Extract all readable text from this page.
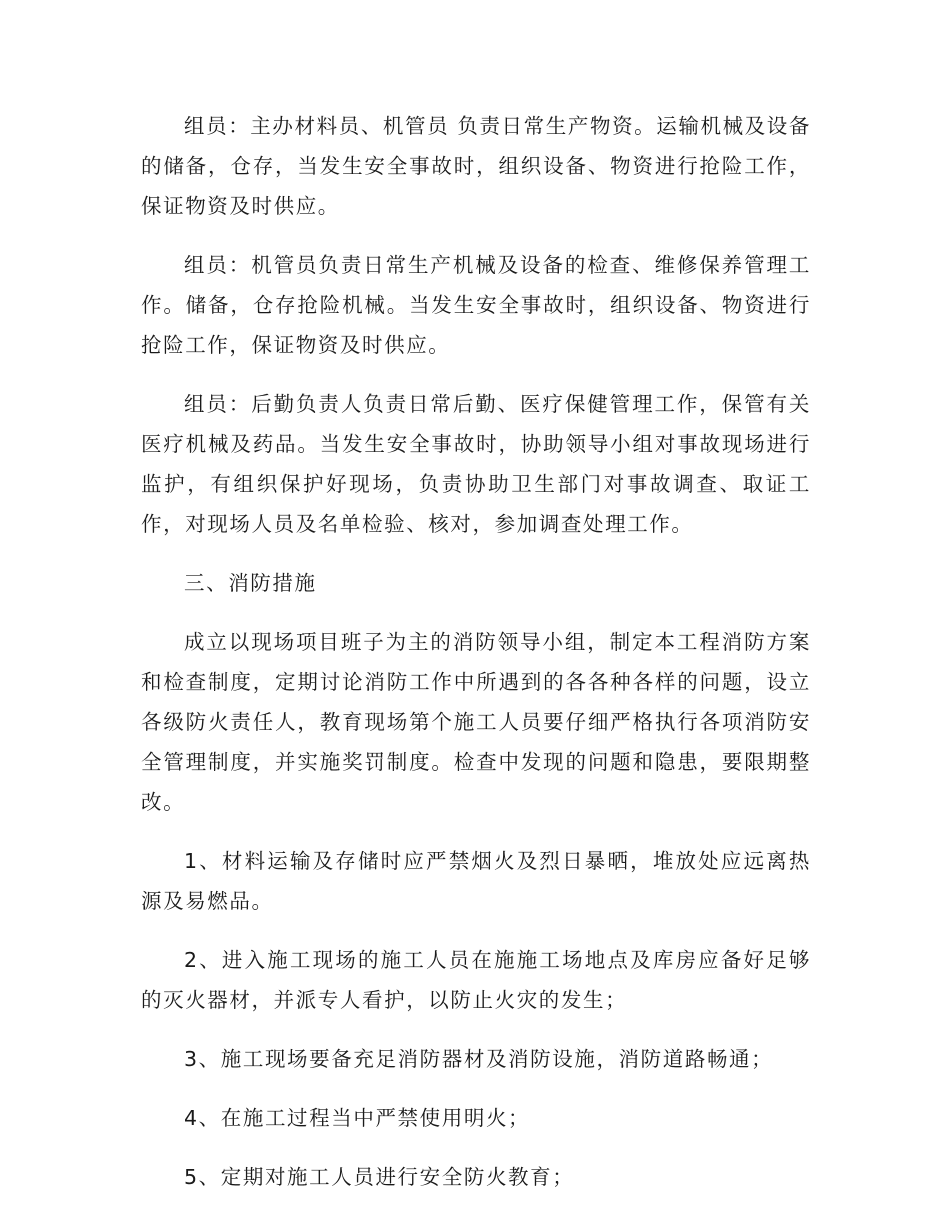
组员：主办材料员、机管员 负责日常生产物资。运输机械及设备的储备，仓存，当发生安全事故时，组织设备、物资进行抢险工作，保证物资及时供应。

组员：机管员负责日常生产机械及设备的检查、维修保养管理工作。储备，仓存抢险机械。当发生安全事故时，组织设备、物资进行抢险工作，保证物资及时供应。

组员：后勤负责人负责日常后勤、医疗保健管理工作，保管有关医疗机械及药品。当发生安全事故时，协助领导小组对事故现场进行监护，有组织保护好现场，负责协助卫生部门对事故调查、取证工作，对现场人员及名单检验、核对，参加调查处理工作。

三、消防措施

成立以现场项目班子为主的消防领导小组，制定本工程消防方案和检查制度，定期讨论消防工作中所遇到的各各种各样的问题，设立各级防火责任人，教育现场第个施工人员要仔细严格执行各项消防安全管理制度，并实施奖罚制度。检查中发现的问题和隐患，要限期整改。

1、材料运输及存储时应严禁烟火及烈日暴晒，堆放处应远离热源及易燃品。

2、进入施工现场的施工人员在施施工场地点及库房应备好足够的灭火器材，并派专人看护，以防止火灾的发生；

3、施工现场要备充足消防器材及消防设施，消防道路畅通；

4、在施工过程当中严禁使用明火；

5、定期对施工人员进行安全防火教育；
